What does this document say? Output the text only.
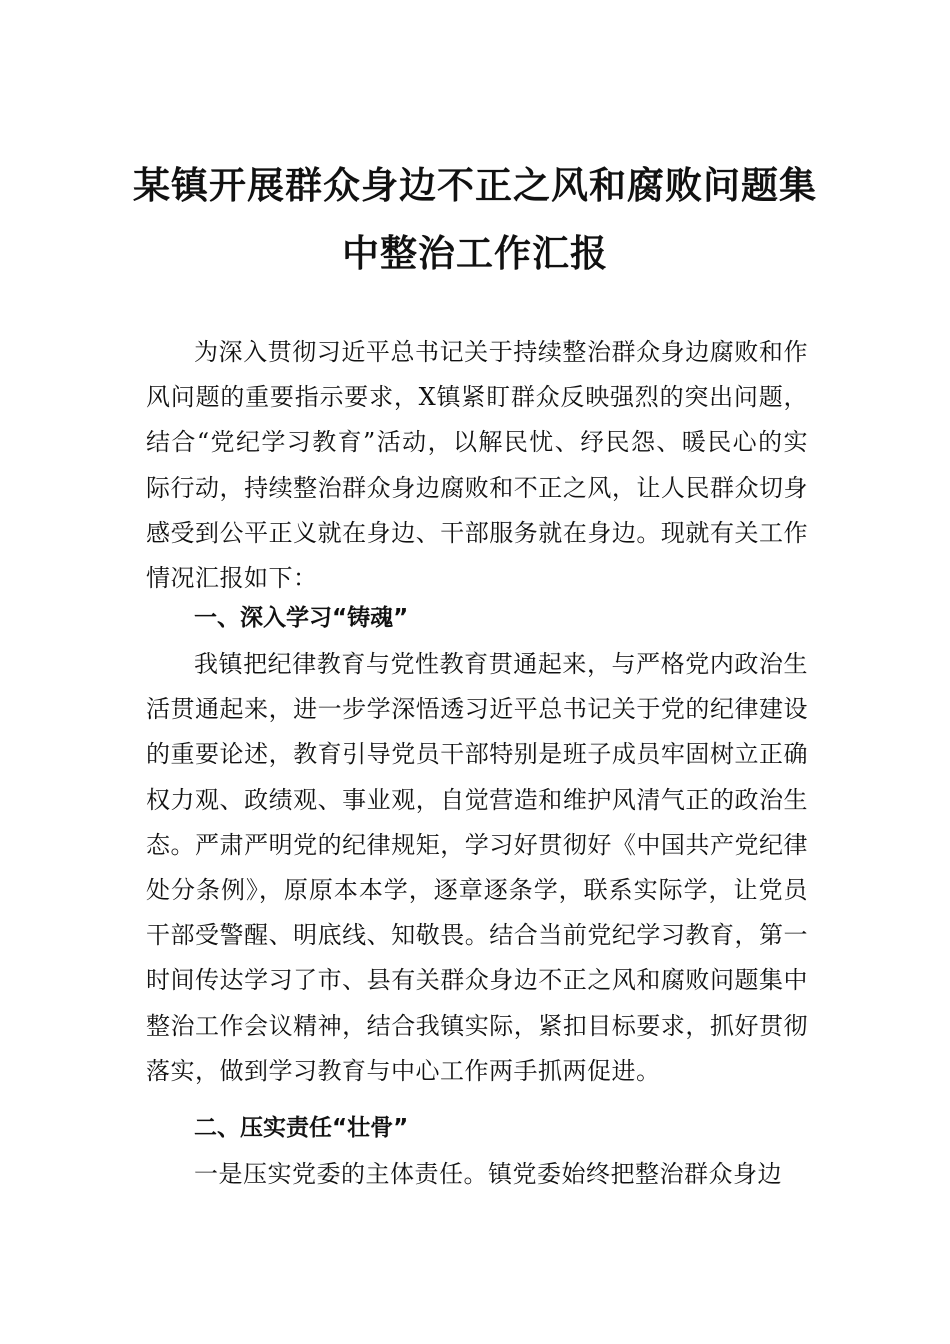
某镇开展群众身边不正之风和腐败问题集
中整治工作汇报

为深入贯彻习近平总书记关于持续整治群众身边腐败和作风问题的重要指示要求，X镇紧盯群众反映强烈的突出问题，结合“党纪学习教育”活动，以解民忧、纾民怨、暖民心的实际行动，持续整治群众身边腐败和不正之风，让人民群众切身感受到公平正义就在身边、干部服务就在身边。现就有关工作情况汇报如下：

一、深入学习“铸魂”

我镇把纪律教育与党性教育贯通起来，与严格党内政治生活贯通起来，进一步学深悟透习近平总书记关于党的纪律建设的重要论述，教育引导党员干部特别是班子成员牢固树立正确权力观、政绩观、事业观，自觉营造和维护风清气正的政治生态。严肃严明党的纪律规矩，学习好贯彻好《中国共产党纪律处分条例》，原原本本学，逐章逐条学，联系实际学，让党员干部受警醒、明底线、知敬畏。结合当前党纪学习教育，第一时间传达学习了市、县有关群众身边不正之风和腐败问题集中整治工作会议精神，结合我镇实际，紧扣目标要求，抓好贯彻落实，做到学习教育与中心工作两手抓两促进。

二、压实责任“壮骨”

一是压实党委的主体责任。镇党委始终把整治群众身边
